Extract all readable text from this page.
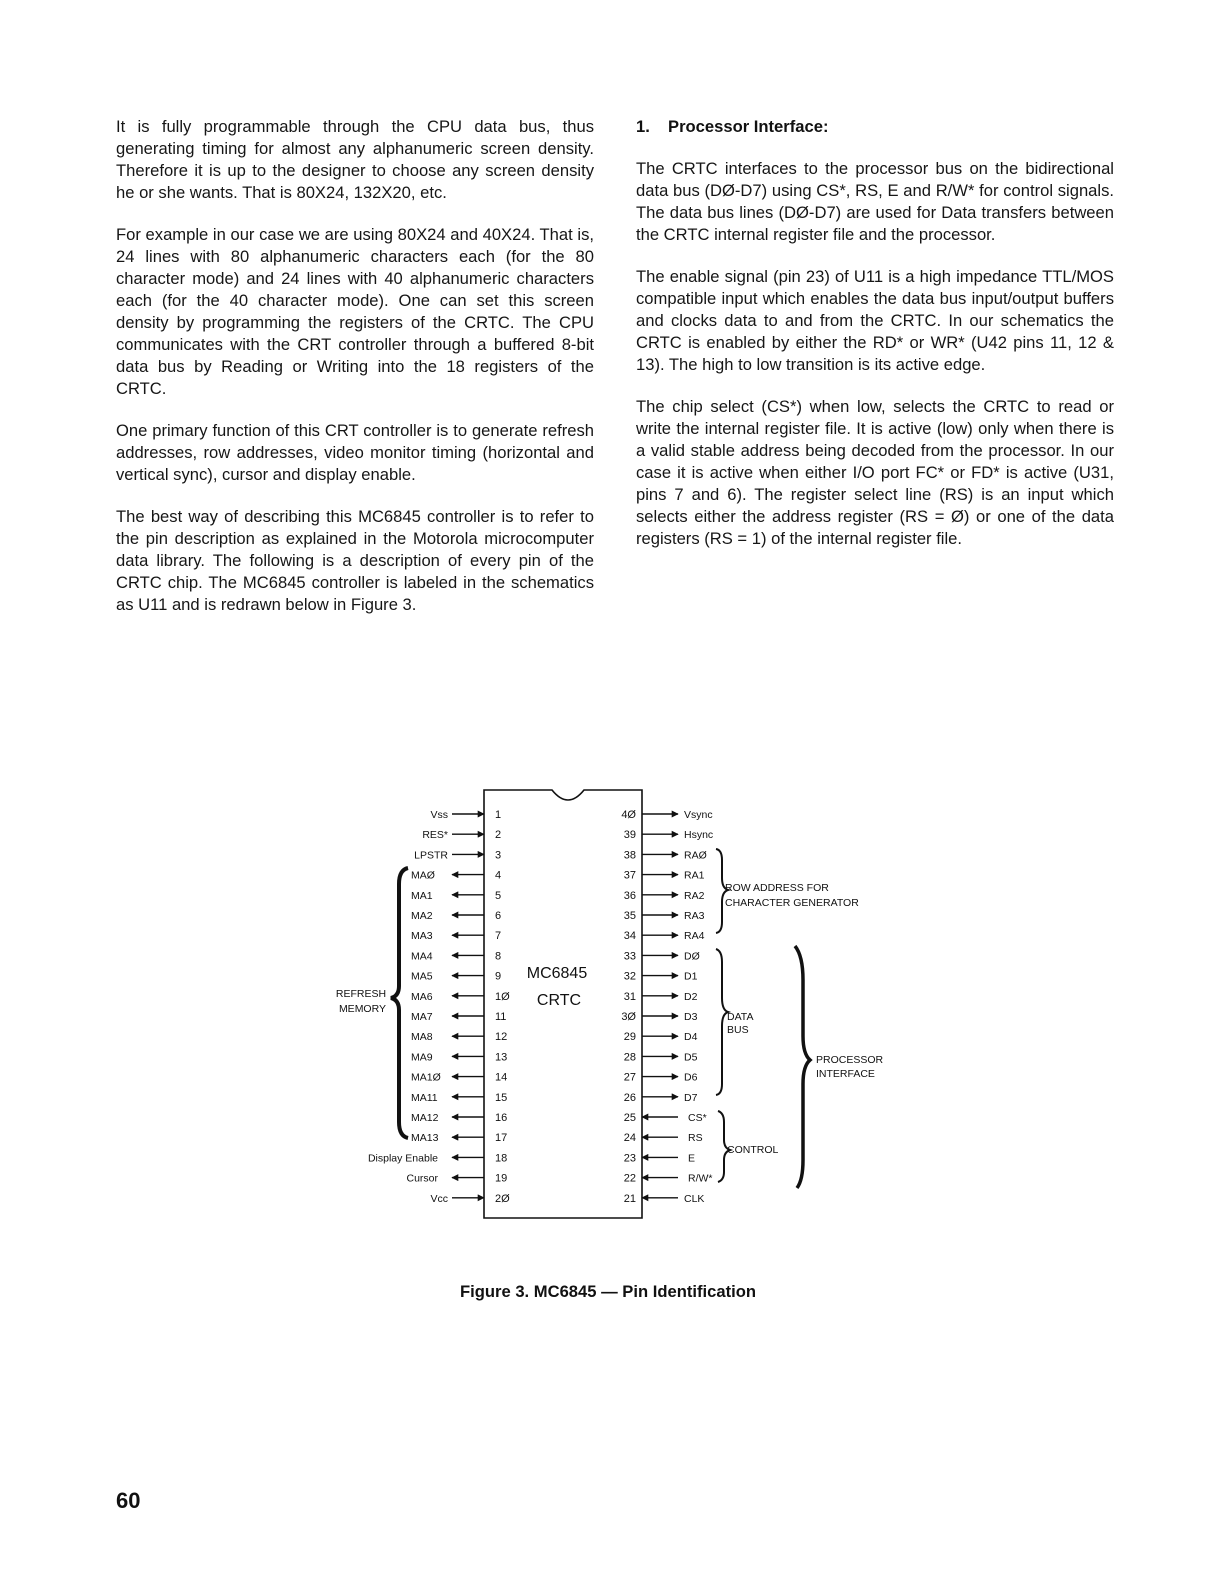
It is fully programmable through the CPU data bus, thus generating timing for almost any alphanumeric screen density. Therefore it is up to the designer to choose any screen density he or she wants. That is 80X24, 132X20, etc.

For example in our case we are using 80X24 and 40X24. That is, 24 lines with 80 alphanumeric characters each (for the 80 character mode) and 24 lines with 40 alphanumeric characters each (for the 40 character mode). One can set this screen density by programming the registers of the CRTC. The CPU communicates with the CRT controller through a buffered 8-bit data bus by Reading or Writing into the 18 registers of the CRTC.

One primary function of this CRT controller is to generate refresh addresses, row addresses, video monitor timing (horizontal and vertical sync), cursor and display enable.

The best way of describing this MC6845 controller is to refer to the pin description as explained in the Motorola microcomputer data library. The following is a description of every pin of the CRTC chip. The MC6845 controller is labeled in the schematics as U11 and is redrawn below in Figure 3.

1. Processor Interface:

The CRTC interfaces to the processor bus on the bidirectional data bus (DØ-D7) using CS*, RS, E and R/W* for control signals. The data bus lines (DØ-D7) are used for Data transfers between the CRTC internal register file and the processor.

The enable signal (pin 23) of U11 is a high impedance TTL/MOS compatible input which enables the data bus input/output buffers and clocks data to and from the CRTC. In our schematics the CRTC is enabled by either the RD* or WR* (U42 pins 11, 12 & 13). The high to low transition is its active edge.

The chip select (CS*) when low, selects the CRTC to read or write the internal register file. It is active (low) only when there is a valid stable address being decoded from the processor. In our case it is active when either I/O port FC* or FD* is active (U31, pins 7 and 6). The register select line (RS) is an input which selects either the address register (RS = Ø) or one of the data registers (RS = 1) of the internal register file.

MC6845
CRTC
Vss	1
RES*	2
LPSTR	3
MAØ	4
MA1	5
MA2	6
MA3	7
MA4	8
MA5	9
MA6	1Ø
MA7	11
MA8	12
MA9	13
MA1Ø	14
MA11	15
MA12	16
MA13	17
Display Enable	18
Cursor	19
Vcc	2Ø
4Ø	Vsync
39	Hsync
38	RAØ
37	RA1
36	RA2
35	RA3
34	RA4
33	DØ
32	D1
31	D2
3Ø	D3
29	D4
28	D5
27	D6
26	D7
25	CS*
24	RS
23	E
22	R/W*
21	CLK
REFRESH MEMORY
ROW ADDRESS FOR CHARACTER GENERATOR
DATA BUS
CONTROL
PROCESSOR INTERFACE
Figure 3. MC6845 — Pin Identification
60
